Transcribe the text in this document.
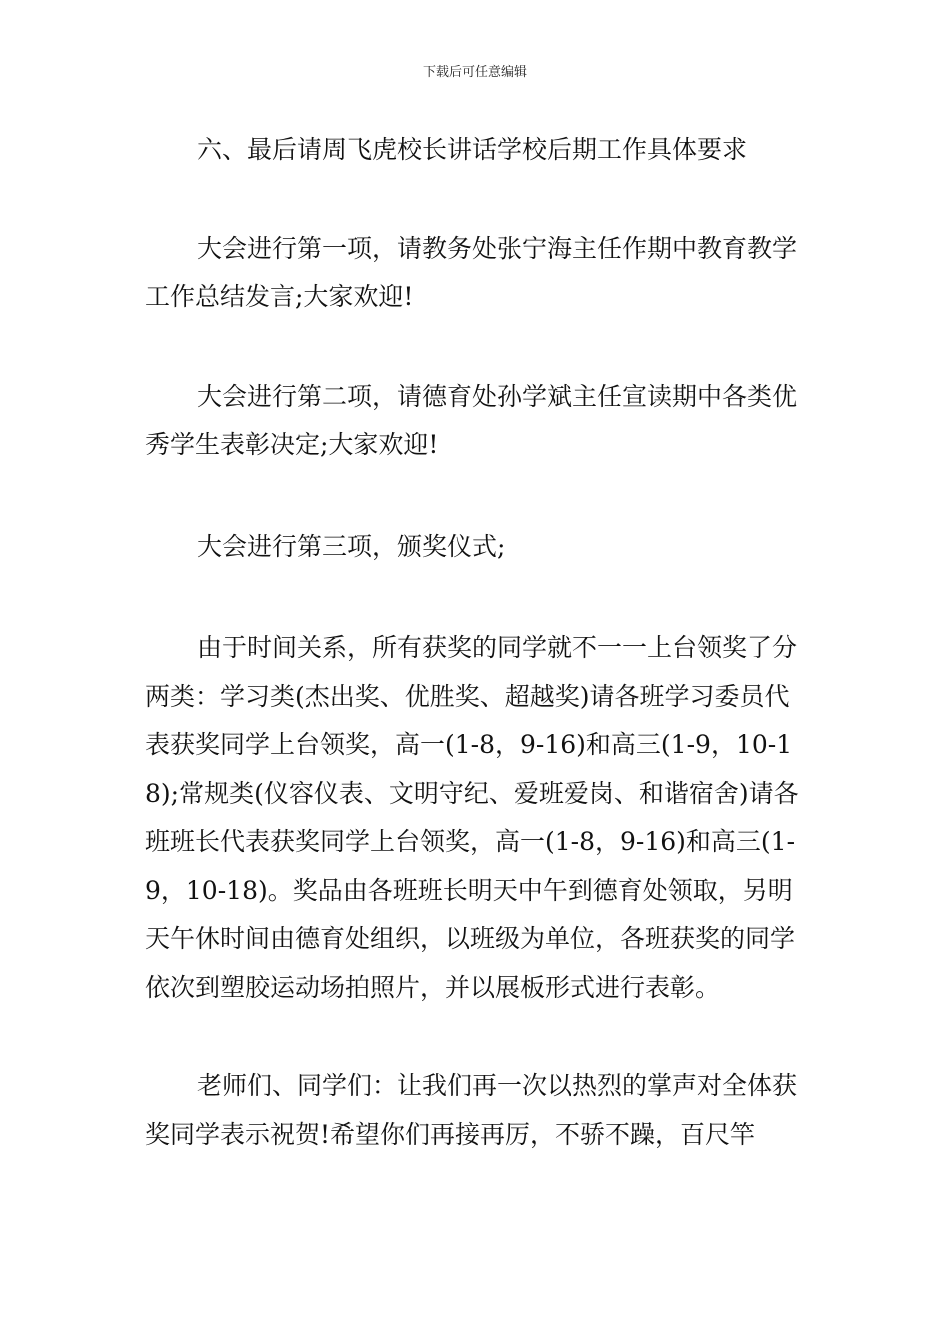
下载后可任意编辑

六、最后请周飞虎校长讲话学校后期工作具体要求

大会进行第一项，请教务处张宁海主任作期中教育教学工作总结发言;大家欢迎!

大会进行第二项，请德育处孙学斌主任宣读期中各类优秀学生表彰决定;大家欢迎!

大会进行第三项，颁奖仪式;

由于时间关系，所有获奖的同学就不一一上台领奖了分两类：学习类(杰出奖、优胜奖、超越奖)请各班学习委员代表获奖同学上台领奖，高一(1-8，9-16)和高三(1-9，10-18);常规类(仪容仪表、文明守纪、爱班爱岗、和谐宿舍)请各班班长代表获奖同学上台领奖，高一(1-8，9-16)和高三(1-9，10-18)。奖品由各班班长明天中午到德育处领取，另明天午休时间由德育处组织，以班级为单位，各班获奖的同学依次到塑胶运动场拍照片，并以展板形式进行表彰。

老师们、同学们：让我们再一次以热烈的掌声对全体获奖同学表示祝贺!希望你们再接再厉，不骄不躁，百尺竿
